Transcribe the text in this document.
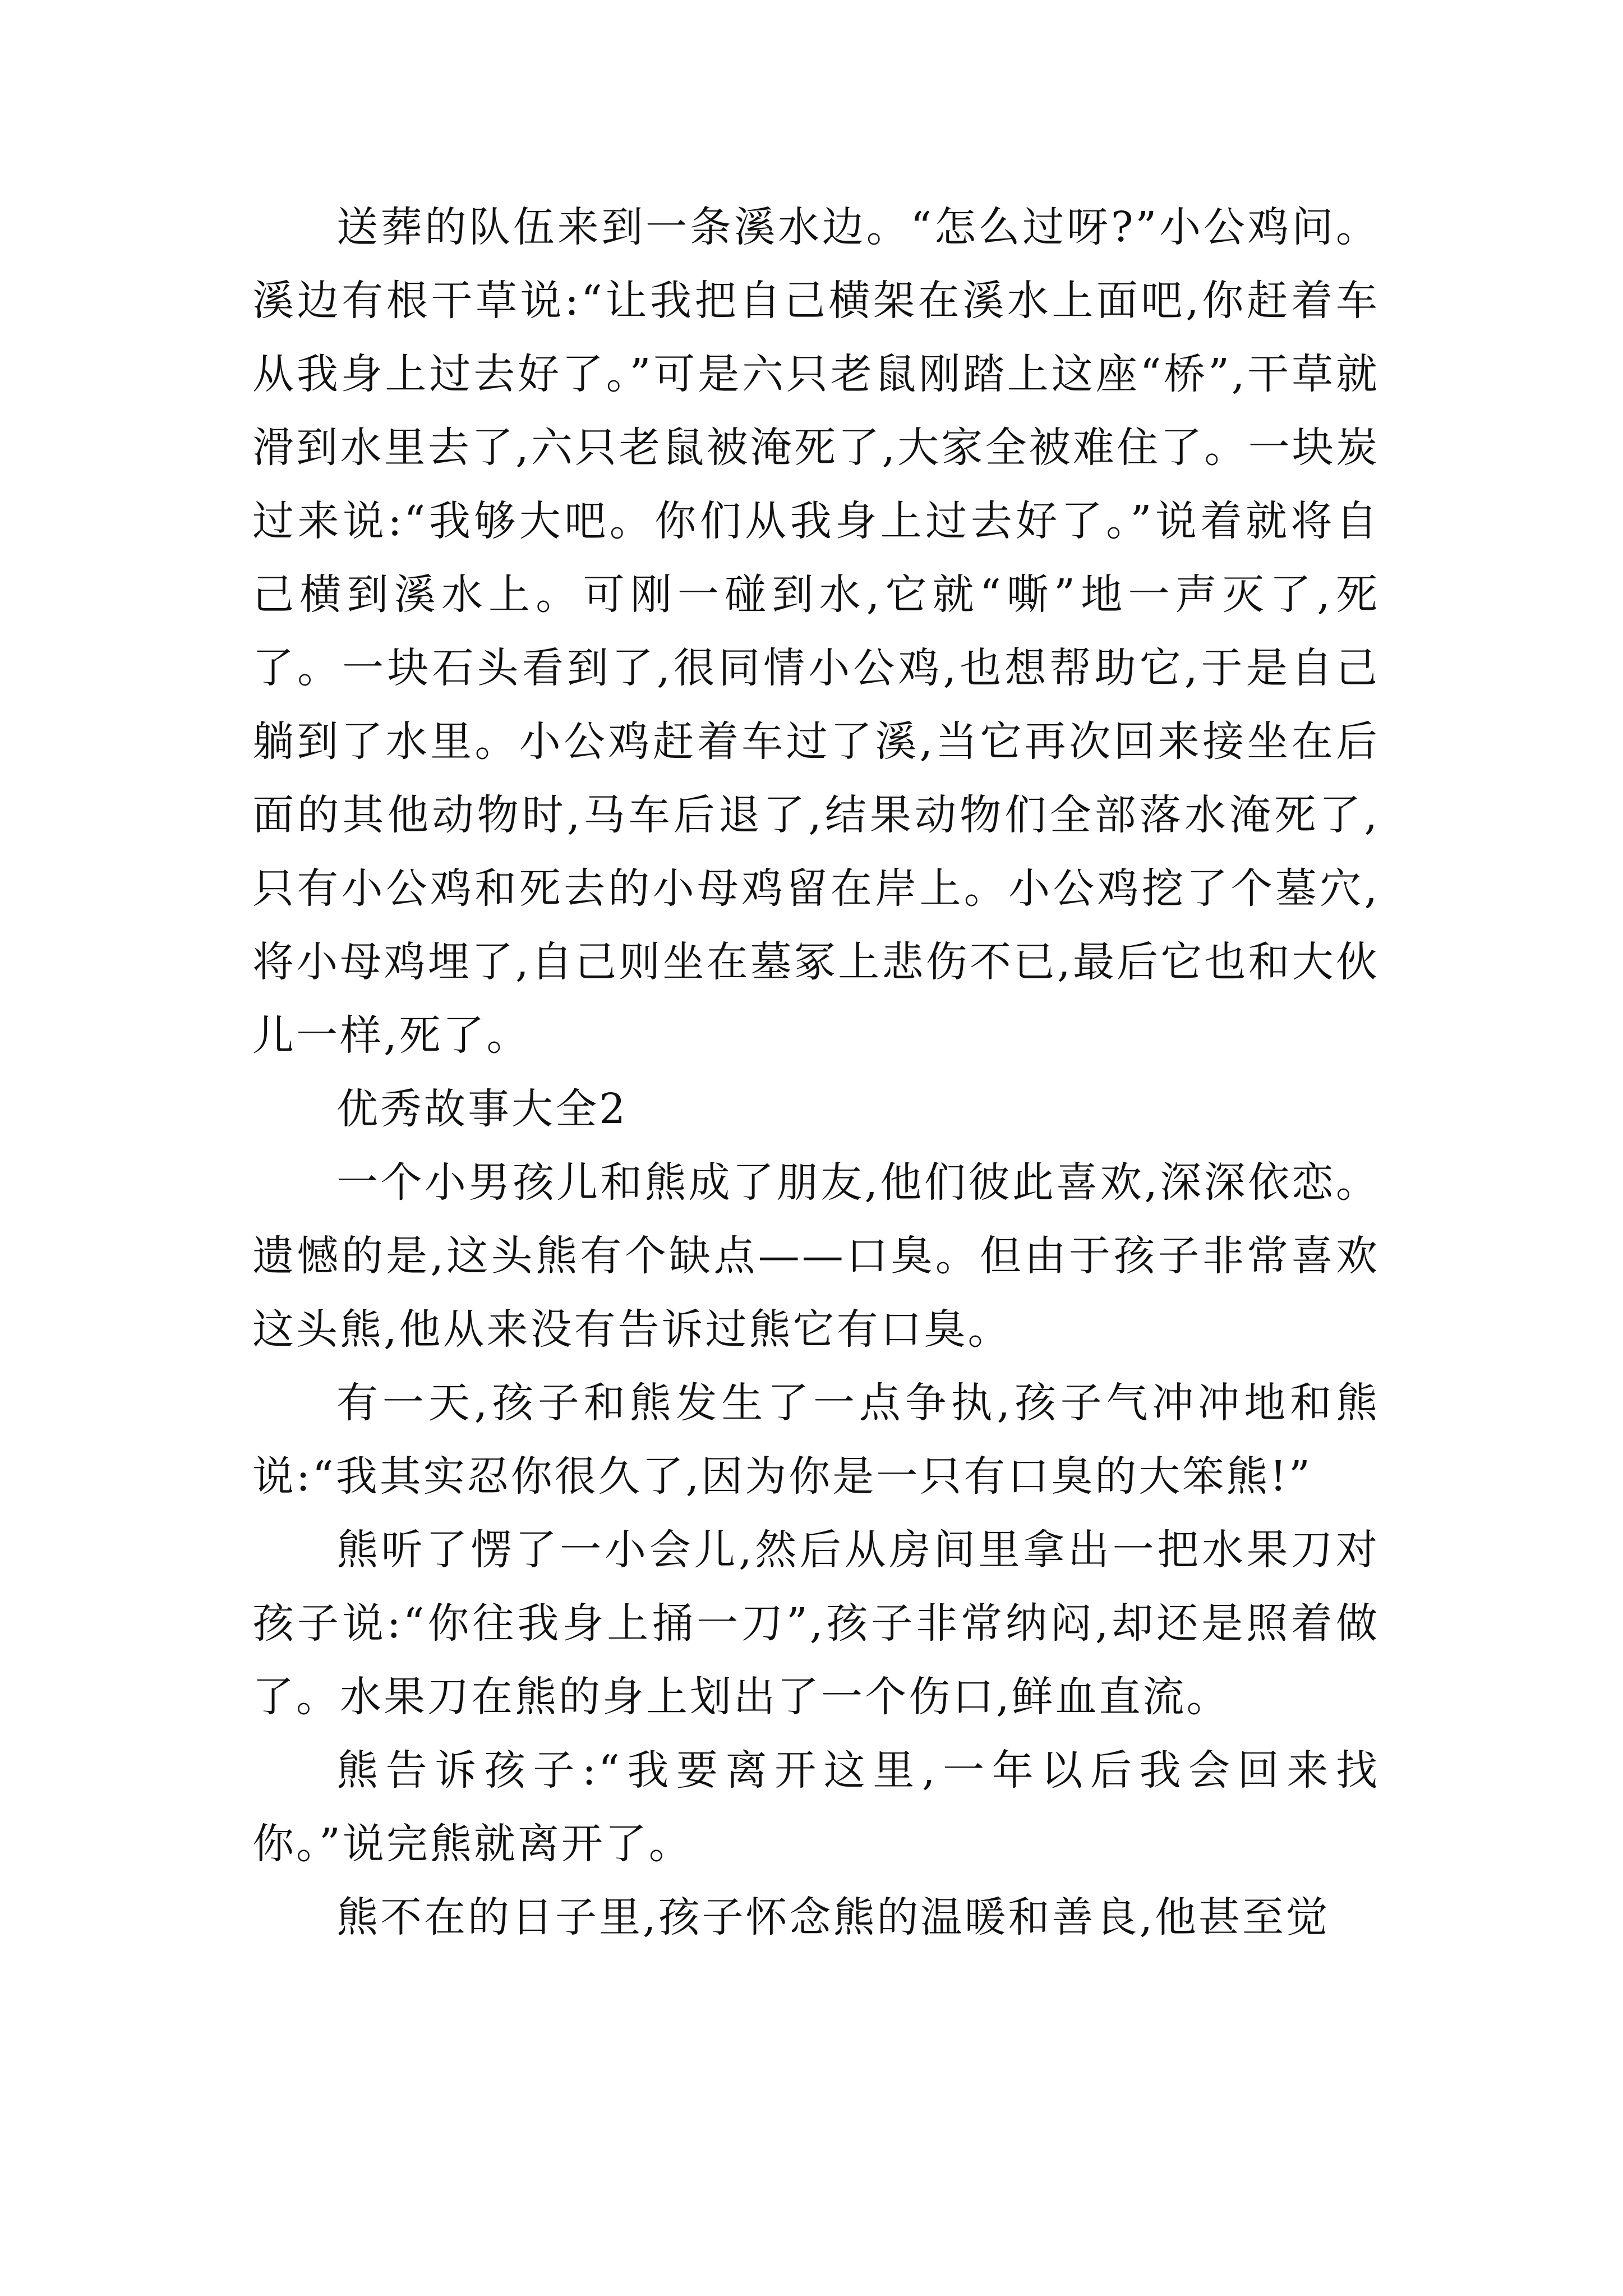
送葬的队伍来到一条溪水边。“怎么过呀?”小公鸡问。溪边有根干草说:“让我把自己横架在溪水上面吧,你赶着车从我身上过去好了。”可是六只老鼠刚踏上这座“桥”,干草就滑到水里去了,六只老鼠被淹死了,大家全被难住了。一块炭过来说:“我够大吧。你们从我身上过去好了。”说着就将自己横到溪水上。可刚一碰到水,它就“嘶”地一声灭了,死了。一块石头看到了,很同情小公鸡,也想帮助它,于是自己躺到了水里。小公鸡赶着车过了溪,当它再次回来接坐在后面的其他动物时,马车后退了,结果动物们全部落水淹死了,只有小公鸡和死去的小母鸡留在岸上。小公鸡挖了个墓穴,将小母鸡埋了,自己则坐在墓冢上悲伤不已,最后它也和大伙儿一样,死了。

优秀故事大全2

一个小男孩儿和熊成了朋友,他们彼此喜欢,深深依恋。遗憾的是,这头熊有个缺点——口臭。但由于孩子非常喜欢这头熊,他从来没有告诉过熊它有口臭。

有一天,孩子和熊发生了一点争执,孩子气冲冲地和熊说:“我其实忍你很久了,因为你是一只有口臭的大笨熊!”

熊听了愣了一小会儿,然后从房间里拿出一把水果刀对孩子说:“你往我身上捅一刀”,孩子非常纳闷,却还是照着做了。水果刀在熊的身上划出了一个伤口,鲜血直流。

熊告诉孩子:“我要离开这里,一年以后我会回来找你。”说完熊就离开了。

熊不在的日子里,孩子怀念熊的温暖和善良,他甚至觉
